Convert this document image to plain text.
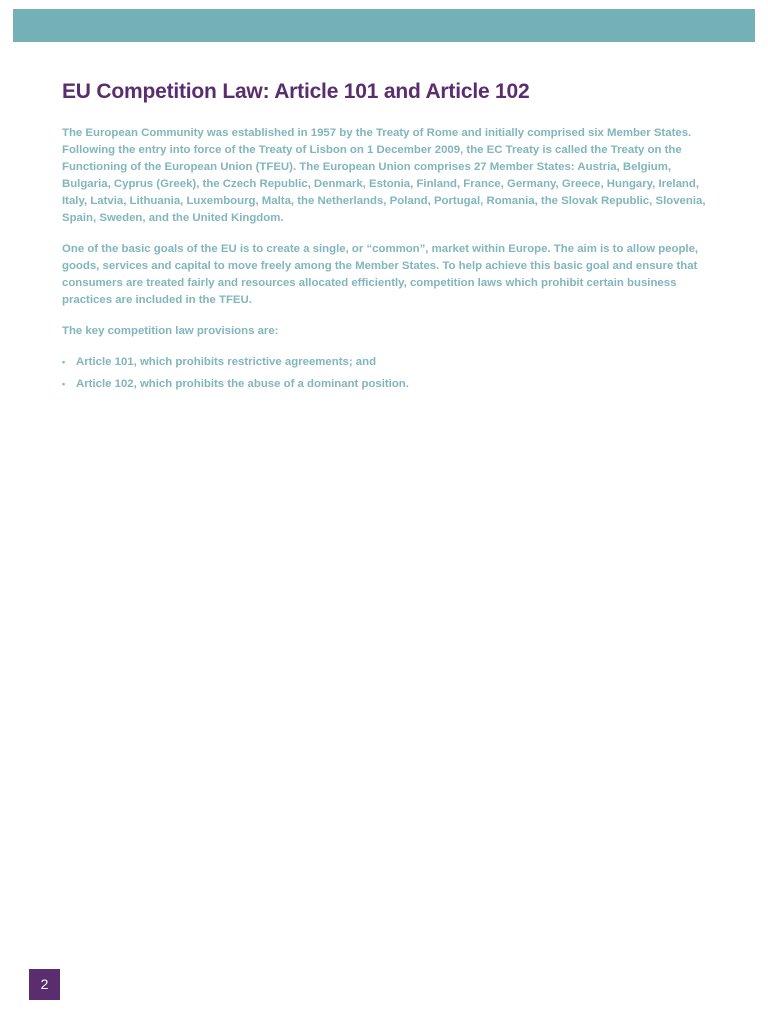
EU Competition Law: Article 101 and Article 102

The European Community was established in 1957 by the Treaty of Rome and initially comprised six Member States. Following the entry into force of the Treaty of Lisbon on 1 December 2009, the EC Treaty is called the Treaty on the Functioning of the European Union (TFEU). The European Union comprises 27 Member States: Austria, Belgium, Bulgaria, Cyprus (Greek), the Czech Republic, Denmark, Estonia, Finland, France, Germany, Greece, Hungary, Ireland, Italy, Latvia, Lithuania, Luxembourg, Malta, the Netherlands, Poland, Portugal, Romania, the Slovak Republic, Slovenia, Spain, Sweden, and the United Kingdom.

One of the basic goals of the EU is to create a single, or “common”, market within Europe. The aim is to allow people, goods, services and capital to move freely among the Member States. To help achieve this basic goal and ensure that consumers are treated fairly and resources allocated efficiently, competition laws which prohibit certain business practices are included in the TFEU.

The key competition law provisions are:

• Article 101, which prohibits restrictive agreements; and
• Article 102, which prohibits the abuse of a dominant position.
2
